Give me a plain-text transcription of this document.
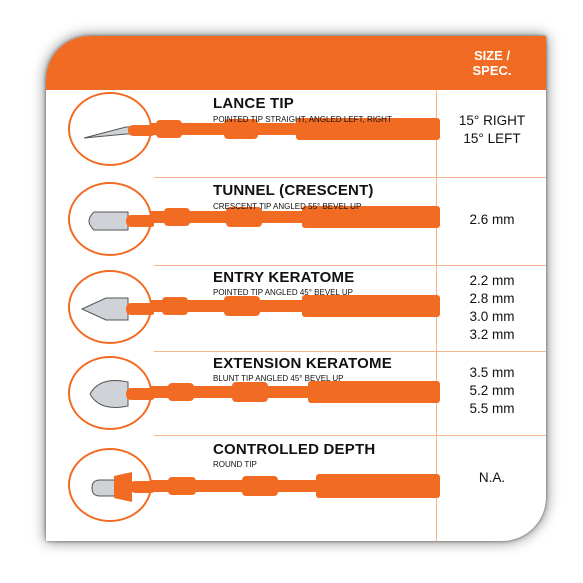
SIZE /
SPEC.
LANCE TIP
POINTED TIP STRAIGHT, ANGLED LEFT, RIGHT	15° RIGHT
15° LEFT
TUNNEL (CRESCENT)
CRESCENT TIP ANGLED 55° BEVEL UP
2.6 mm
ENTRY KERATOME
POINTED TIP ANGLED 45° BEVEL UP
2.2 mm
2.8 mm
3.0 mm
3.2 mm
EXTENSION KERATOME
BLUNT TIP ANGLED 45° BEVEL UP	3.5 mm
5.2 mm
5.5 mm
CONTROLLED DEPTH
ROUND TIP
N.A.
